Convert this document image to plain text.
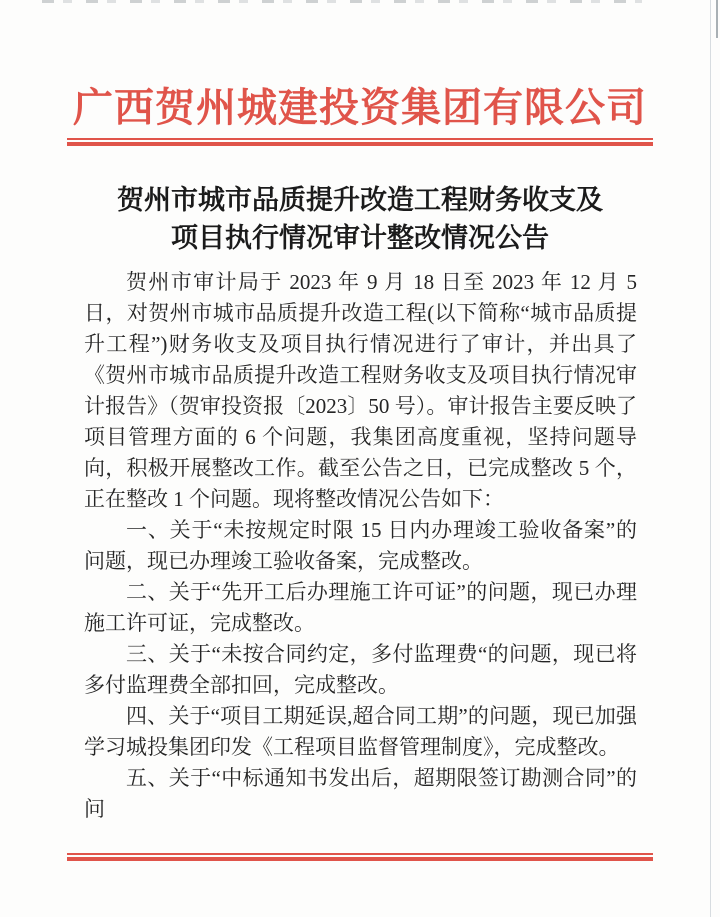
广西贺州城建投资集团有限公司
贺州市城市品质提升改造工程财务收支及
项目执行情况审计整改情况公告

贺州市审计局于 2023 年 9 月 18 日至 2023 年 12 月 5 日，对贺州市城市品质提升改造工程(以下简称“城市品质提升工程”)财务收支及项目执行情况进行了审计，并出具了《贺州市城市品质提升改造工程财务收支及项目执行情况审计报告》（贺审投资报〔2023〕50 号）。审计报告主要反映了项目管理方面的 6 个问题，我集团高度重视，坚持问题导向，积极开展整改工作。截至公告之日，已完成整改 5 个，正在整改 1 个问题。现将整改情况公告如下：

一、关于“未按规定时限 15 日内办理竣工验收备案”的问题，现已办理竣工验收备案，完成整改。

二、关于“先开工后办理施工许可证”的问题，现已办理施工许可证，完成整改。

三、关于“未按合同约定，多付监理费“的问题，现已将多付监理费全部扣回，完成整改。

四、关于“项目工期延误,超合同工期”的问题，现已加强学习城投集团印发《工程项目监督管理制度》，完成整改。

五、关于“中标通知书发出后，超期限签订勘测合同”的问
